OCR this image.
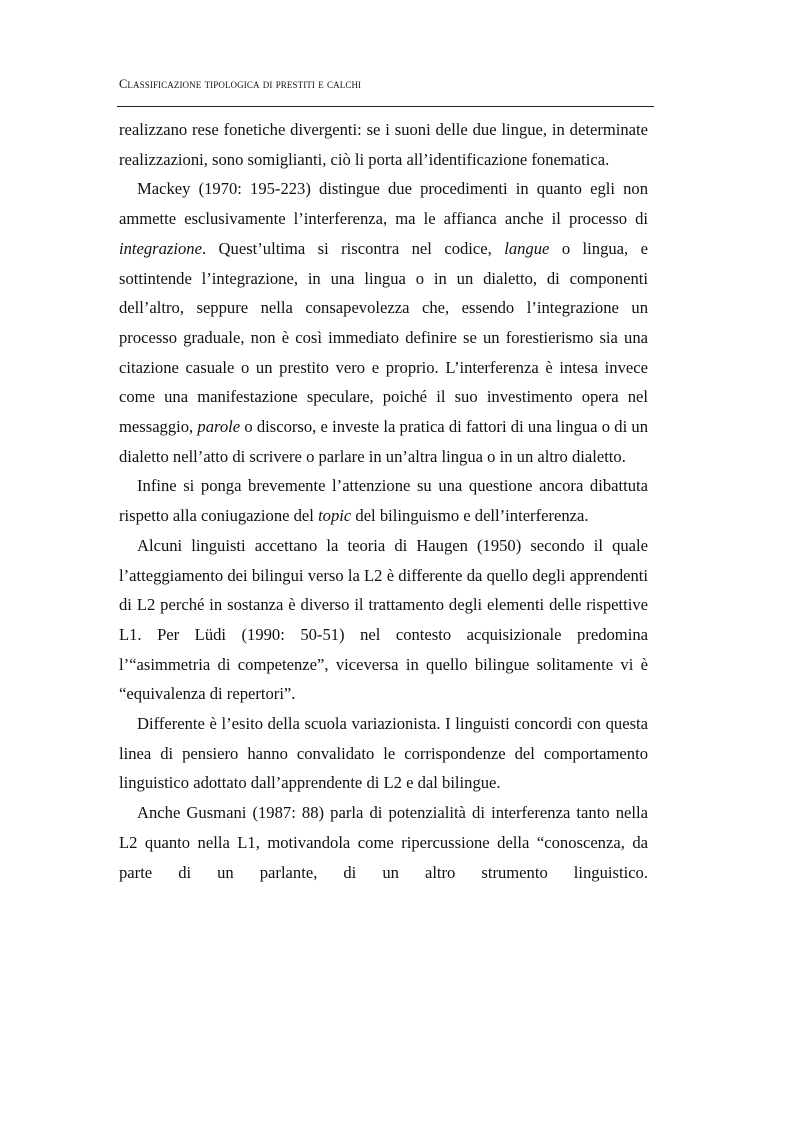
Classificazione tipologica di prestiti e calchi

realizzano rese fonetiche divergenti: se i suoni delle due lingue, in determinate realizzazioni, sono somiglianti, ciò li porta all’identificazione fonematica.

Mackey (1970: 195-223) distingue due procedimenti in quanto egli non ammette esclusivamente l’interferenza, ma le affianca anche il processo di integrazione. Quest’ultima si riscontra nel codice, langue o lingua, e sottintende l’integrazione, in una lingua o in un dialetto, di componenti dell’altro, seppure nella consapevolezza che, essendo l’integrazione un processo graduale, non è così immediato definire se un forestierismo sia una citazione casuale o un prestito vero e proprio. L’interferenza è intesa invece come una manifestazione speculare, poiché il suo investimento opera nel messaggio, parole o discorso, e investe la pratica di fattori di una lingua o di un dialetto nell’atto di scrivere o parlare in un’altra lingua o in un altro dialetto.

Infine si ponga brevemente l’attenzione su una questione ancora dibattuta rispetto alla coniugazione del topic del bilinguismo e dell’interferenza.

Alcuni linguisti accettano la teoria di Haugen (1950) secondo il quale l’atteggiamento dei bilingui verso la L2 è differente da quello degli apprendenti di L2 perché in sostanza è diverso il trattamento degli elementi delle rispettive L1. Per Lüdi (1990: 50-51) nel contesto acquisizionale predomina l’“asimmetria di competenze”, viceversa in quello bilingue solitamente vi è “equivalenza di repertori”.

Differente è l’esito della scuola variazionista. I linguisti concordi con questa linea di pensiero hanno convalidato le corrispondenze del comportamento linguistico adottato dall’apprendente di L2 e dal bilingue.

Anche Gusmani (1987: 88) parla di potenzialità di interferenza tanto nella L2 quanto nella L1, motivandola come ripercussione della “conoscenza, da parte di un parlante, di un altro strumento linguistico.
